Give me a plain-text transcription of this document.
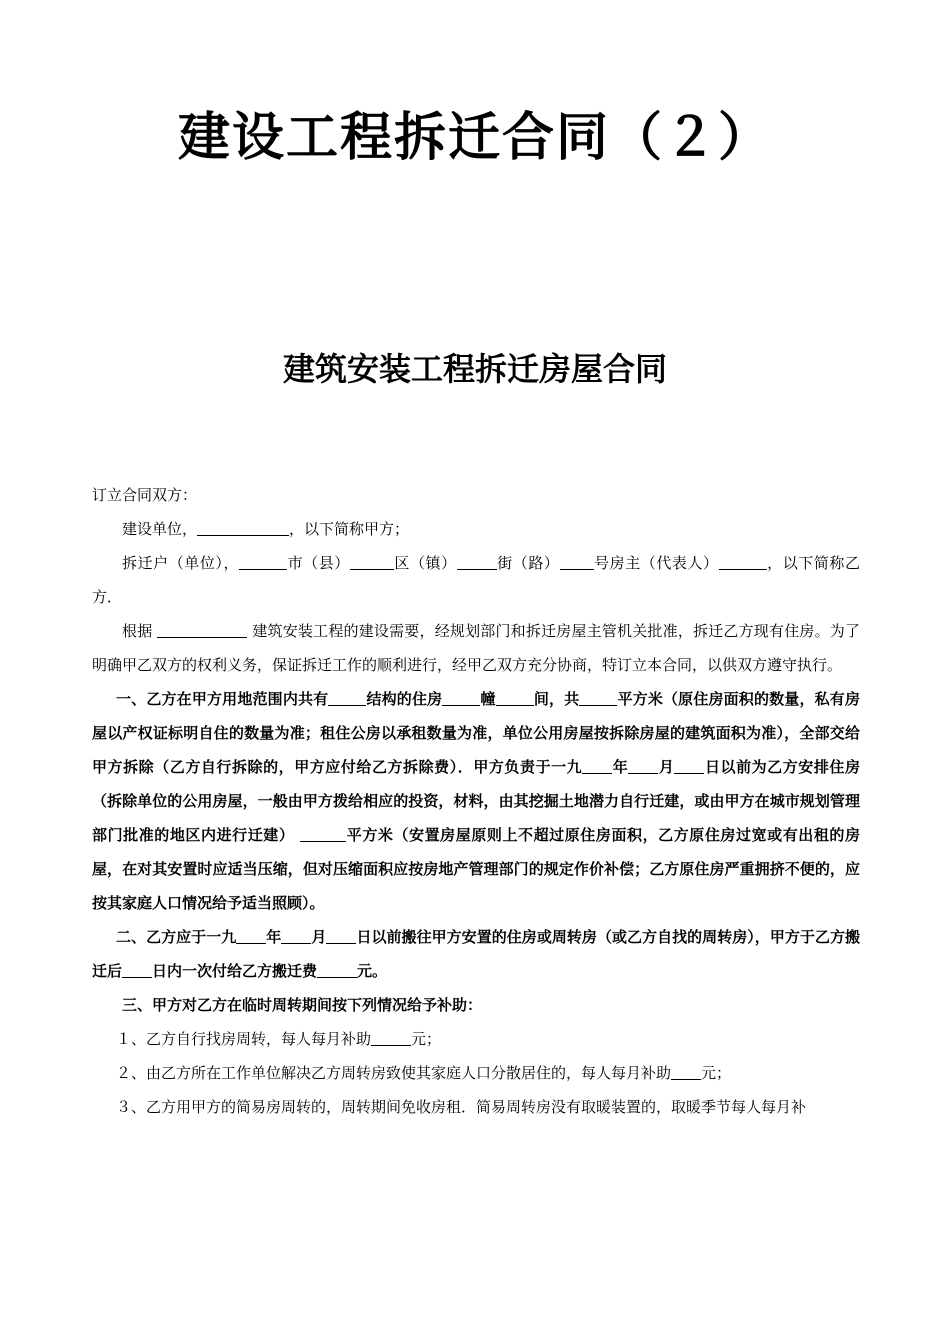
建设工程拆迁合同（２）
建筑安装工程拆迁房屋合同

订立合同双方：

建设单位，	，以下简称甲方；

拆迁户（单位），	市（县）	区（镇）	街（路） 号房主（代表人）	，以下简称乙方．

根据	建筑安装工程的建设需要，经规划部门和拆迁房屋主管机关批准，拆迁乙方现有住房。为了明确甲乙双方的权利义务，保证拆迁工作的顺利进行，经甲乙双方充分协商，特订立本合同，以供双方遵守执行。

一、乙方在甲方用地范围内共有	结构的住房	幢	间，共	平方米（原住房面积的数量，私有房屋以产权证标明自住的数量为准；租住公房以承租数量为准，单位公用房屋按拆除房屋的建筑面积为准），全部交给甲方拆除（乙方自行拆除的，甲方应付给乙方拆除费）．甲方负责于一九 年 月 日以前为乙方安排住房（拆除单位的公用房屋，一般由甲方拨给相应的投资，材料，由其挖掘土地潜力自行迁建，或由甲方在城市规划管理部门批准的地区内进行迁建）	平方米（安置房屋原则上不超过原住房面积，乙方原住房过宽或有出租的房屋，在对其安置时应适当压缩，但对压缩面积应按房地产管理部门的规定作价补偿；乙方原住房严重拥挤不便的，应按其家庭人口情况给予适当照顾）。

二、乙方应于一九 年 月 日以前搬往甲方安置的住房或周转房（或乙方自找的周转房），甲方于乙方搬迁后 日内一次付给乙方搬迁费	元。

三、甲方对乙方在临时周转期间按下列情况给予补助：

１、乙方自行找房周转，每人每月补助	元；

２、由乙方所在工作单位解决乙方周转房致使其家庭人口分散居住的，每人每月补助 元；

３、乙方用甲方的简易房周转的，周转期间免收房租．简易周转房没有取暖装置的，取暖季节每人每月补
